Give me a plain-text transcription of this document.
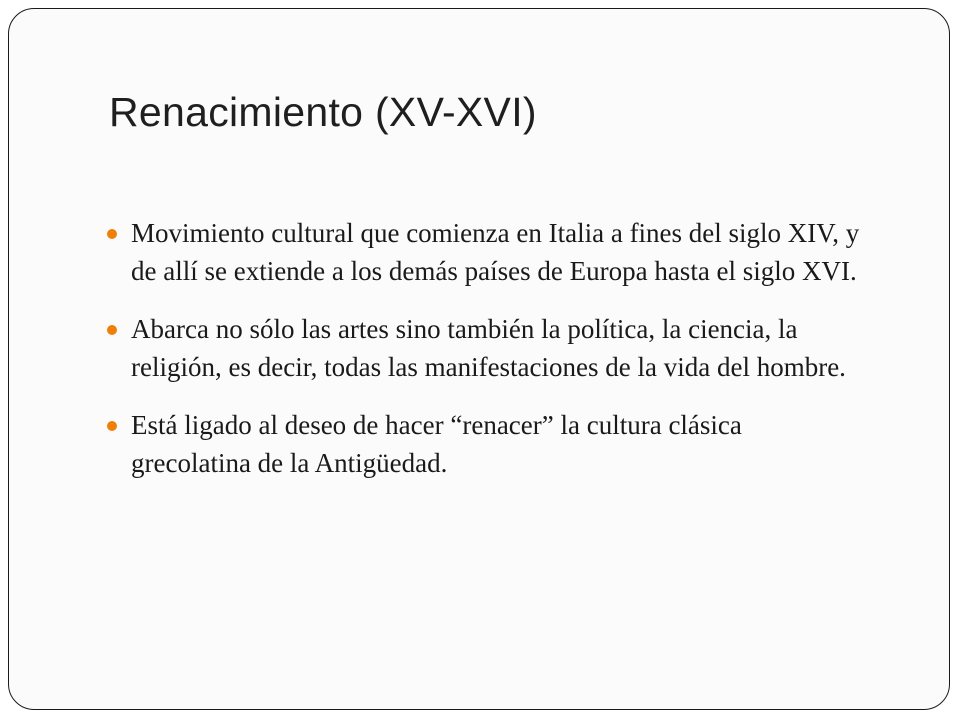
Renacimiento (XV-XVI)
Movimiento cultural que comienza en Italia a fines del siglo XIV, y de allí se extiende a los demás países de Europa hasta el siglo XVI.
Abarca no sólo las artes sino también la política, la ciencia, la religión, es decir, todas las manifestaciones de la vida del hombre.
Está ligado al deseo de hacer “renacer” la cultura clásica grecolatina de la Antigüedad.
